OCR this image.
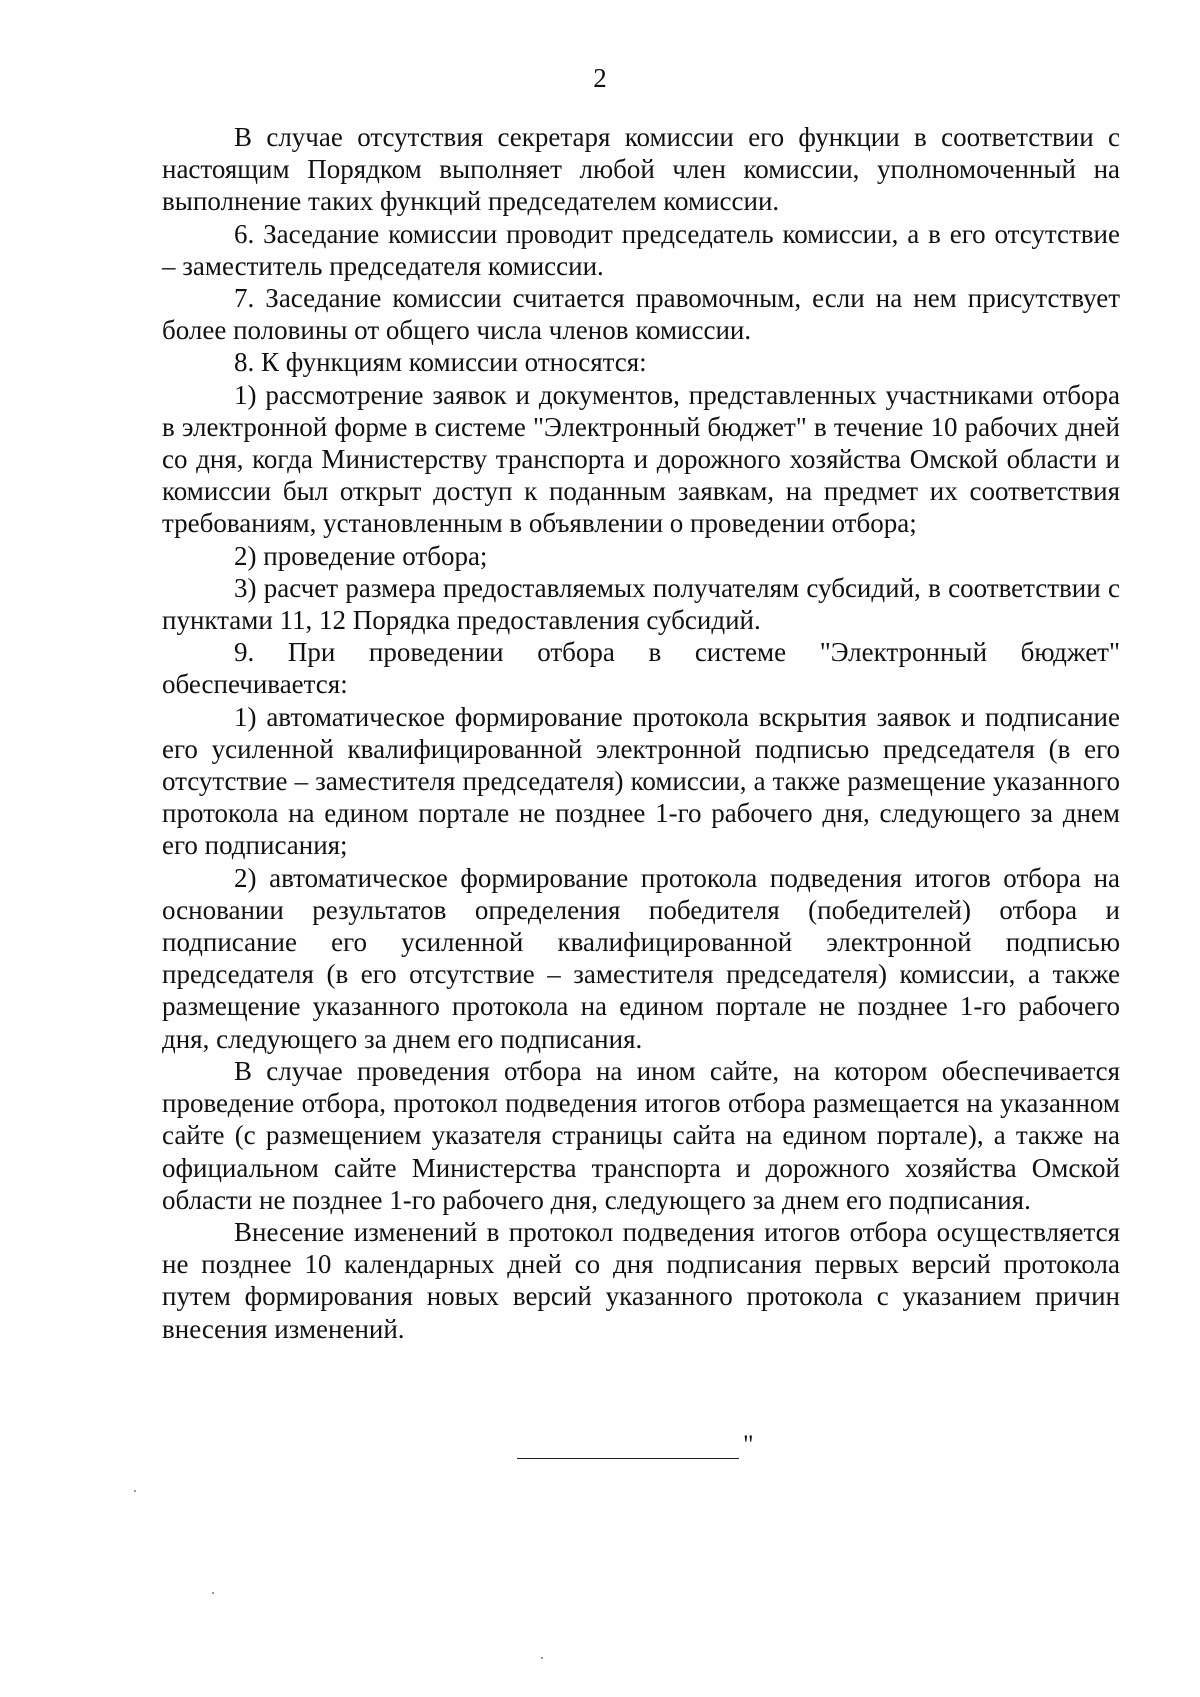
2

В случае отсутствия секретаря комиссии его функции в соответствии с настоящим Порядком выполняет любой член комиссии, уполномоченный на выполнение таких функций председателем комиссии.

6. Заседание комиссии проводит председатель комиссии, а в его отсутствие – заместитель председателя комиссии.

7. Заседание комиссии считается правомочным, если на нем присутствует более половины от общего числа членов комиссии.

8. К функциям комиссии относятся:

1) рассмотрение заявок и документов, представленных участниками отбора в электронной форме в системе "Электронный бюджет" в течение 10 рабочих дней со дня, когда Министерству транспорта и дорожного хозяйства Омской области и комиссии был открыт доступ к поданным заявкам, на предмет их соответствия требованиям, установленным в объявлении о проведении отбора;

2) проведение отбора;

3) расчет размера предоставляемых получателям субсидий, в соответствии с пунктами 11, 12 Порядка предоставления субсидий.

9. При проведении отбора в системе "Электронный бюджет" обеспечивается:

1) автоматическое формирование протокола вскрытия заявок и подписание его усиленной квалифицированной электронной подписью председателя (в его отсутствие – заместителя председателя) комиссии, а также размещение указанного протокола на едином портале не позднее 1-го рабочего дня, следующего за днем его подписания;

2) автоматическое формирование протокола подведения итогов отбора на основании результатов определения победителя (победителей) отбора и подписание его усиленной квалифицированной электронной подписью председателя (в его отсутствие – заместителя председателя) комиссии, а также размещение указанного протокола на едином портале не позднее 1-го рабочего дня, следующего за днем его подписания.

В случае проведения отбора на ином сайте, на котором обеспечивается проведение отбора, протокол подведения итогов отбора размещается на указанном сайте (с размещением указателя страницы сайта на едином портале), а также на официальном сайте Министерства транспорта и дорожного хозяйства Омской области не позднее 1-го рабочего дня, следующего за днем его подписания.

Внесение изменений в протокол подведения итогов отбора осуществляется не позднее 10 календарных дней со дня подписания первых версий протокола путем формирования новых версий указанного протокола с указанием причин внесения изменений.

"
